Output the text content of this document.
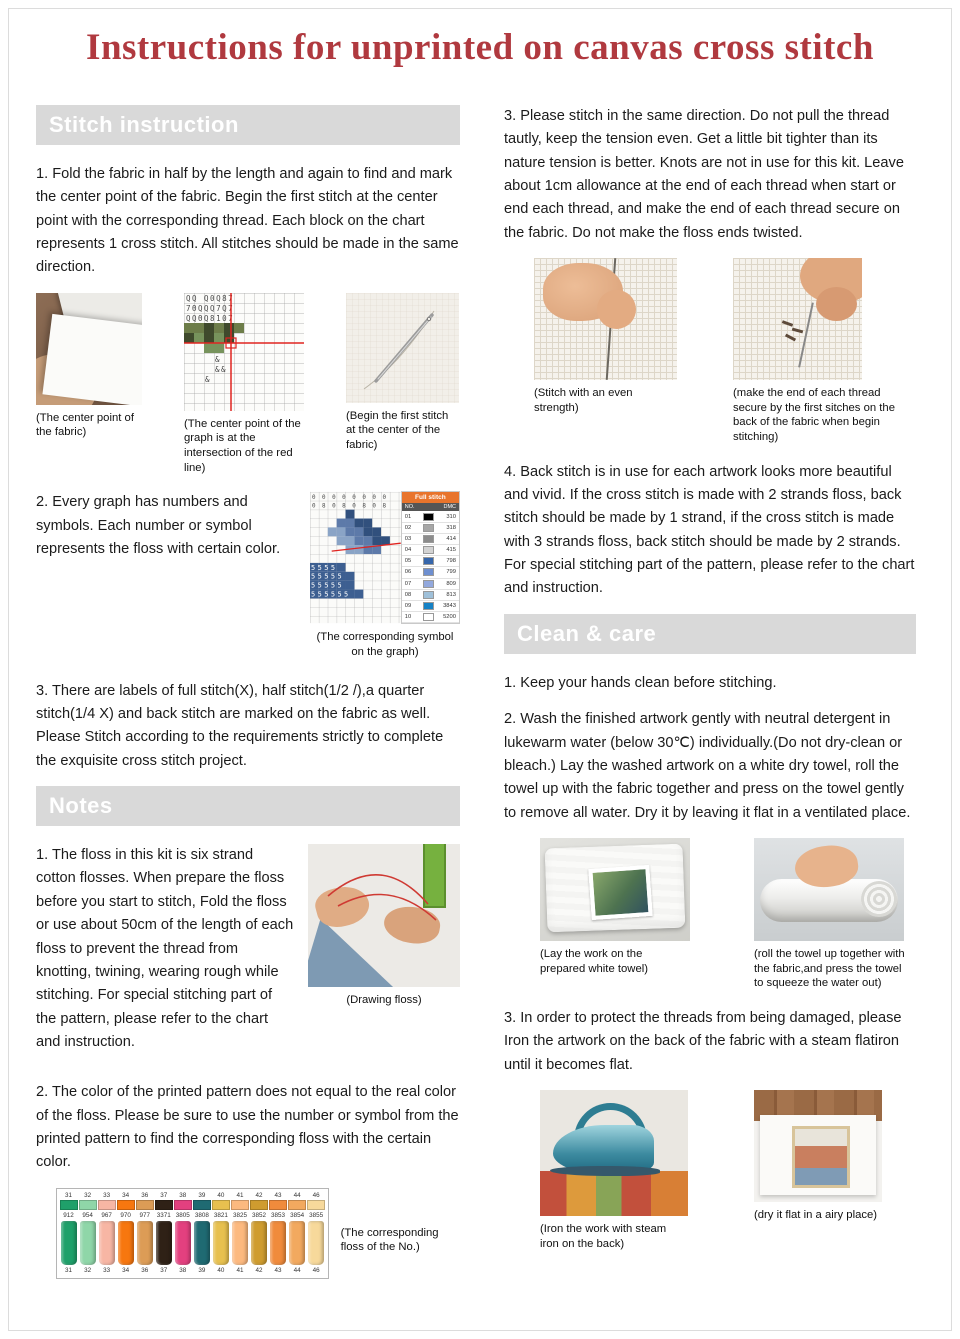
Instructions for unprinted on canvas cross stitch
Stitch instruction

1. Fold the fabric in half by the length and again to find and mark the center point of the fabric. Begin the first stitch at the center point with the corresponding thread. Each block on the chart represents 1 cross stitch. All stitches should be made in the same direction.

(The center point of the fabric)
QQ Q0Q87
7ΘQQQ7Q7
QQΘQ8107
&
&&
&
(The center point of the graph is at the intersection of the red line)
(Begin the first stitch at the center of the fabric)
0 0 0 0 0 0 0 0
0 8 0 8 0 8 0 8
5555
55555
55555
555555
Full stitch
NO.	DMC
01	310
02	318
03	414
04	415
05	798
06	799
07	809
08	813
09	3843
10	5200
(The corresponding symbol on the graph)

2. Every graph has numbers and symbols. Each number or symbol represents the floss with certain color.

3. There are labels of full stitch(X), half stitch(1/2 /),a quarter stitch(1/4 X) and back stitch are marked on the fabric as well. Please Stitch according to the requirements strictly to complete the exquisite cross stitch project.

Notes
(Drawing floss)

1. The floss in this kit is six strand cotton flosses. When prepare the floss before you start to stitch, Fold the floss or use about 50cm of the length of each floss to prevent the thread from knotting, twining, wearing rough while stitching. For special stitching part of the pattern, please refer to the chart and instruction.

2. The color of the printed pattern does not equal to the real color of the floss. Please be sure to use the number or symbol from the printed pattern to find the corresponding floss with the certain color.

31	32	33	34	36	37	38	39	40	41	42	43	44	46
912	954	967	970	977	3371 3805 3808 3821 3825 3852 3853 3854 3855
31	32	33	34	36	37	38	39	40	41	42	43	44	46
(The corresponding floss of the No.)

3. Please stitch in the same direction. Do not pull the thread tautly, keep the tension even. Get a little bit tighter than its nature tension is better. Knots are not in use for this kit. Leave about 1cm allowance at the end of each thread when start or end each thread, and make the end of each thread secure on the fabric. Do not make the floss ends twisted.

(Stitch with an even strength)
(make the end of each thread secure by the first sitches on the back of the fabric when begin stitching)

4. Back stitch is in use for each artwork looks more beautiful and vivid. If the cross stitch is made with 2 strands floss, back stitch should be made by 1 strand, if the cross stitch is made with 3 strands floss, back stitch should be made by 2 strands. For special stitching part of the pattern, please refer to the chart and instruction.

Clean & care

1. Keep your hands clean before stitching.

2. Wash the finished artwork gently with neutral detergent in lukewarm water (below 30℃) individually.(Do not dry-clean or bleach.) Lay the washed artwork on a white dry towel, roll the towel up with the fabric together and press on the towel gently to remove all water. Dry it by leaving it flat in a ventilated place.

(Lay the work on the prepared white towel)
(roll the towel up together with the fabric,and press the towel to squeeze the water out)

3. In order to protect the threads from being damaged, please Iron the artwork on the back of the fabric with a steam flatiron until it becomes flat.

(Iron the work with steam iron on the back)
(dry it flat in a airy place)
